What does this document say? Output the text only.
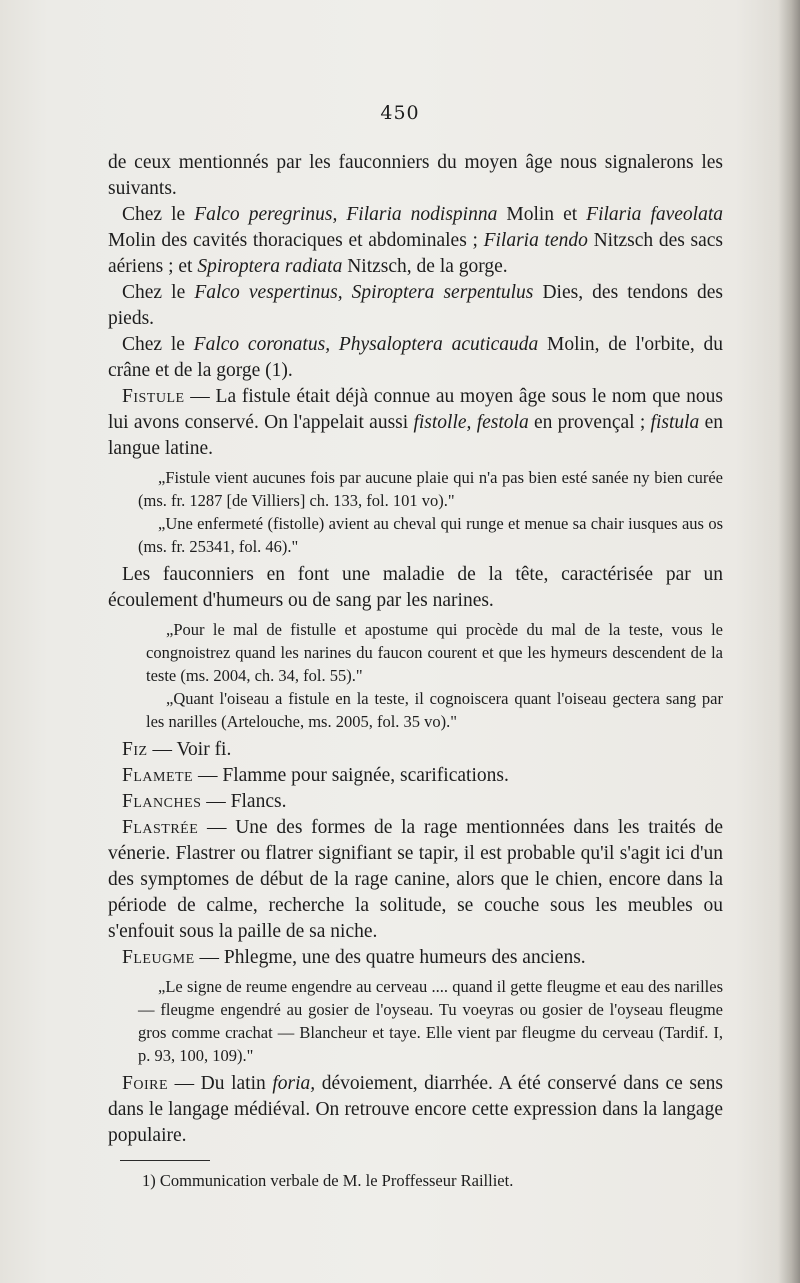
450

de ceux mentionnés par les fauconniers du moyen âge nous signalerons les suivants.

Chez le Falco peregrinus, Filaria nodispinna Molin et Filaria faveolata Molin des cavités thoraciques et abdominales ; Filaria tendo Nitzsch des sacs aériens ; et Spiroptera radiata Nitzsch, de la gorge.

Chez le Falco vespertinus, Spiroptera serpentulus Dies, des tendons des pieds.

Chez le Falco coronatus, Physaloptera acuticauda Molin, de l'orbite, du crâne et de la gorge (1).

Fistule — La fistule était déjà connue au moyen âge sous le nom que nous lui avons conservé. On l'appelait aussi fistolle, festola en provençal ; fistula en langue latine.

„Fistule vient aucunes fois par aucune plaie qui n'a pas bien esté sanée ny bien curée (ms. fr. 1287 [de Villiers] ch. 133, fol. 101 vo)."
„Une enfermeté (fistolle) avient au cheval qui runge et menue sa chair iusques aus os (ms. fr. 25341, fol. 46)."

Les fauconniers en font une maladie de la tête, caractérisée par un écoulement d'humeurs ou de sang par les narines.

„Pour le mal de fistulle et apostume qui procède du mal de la teste, vous le congnoistrez quand les narines du faucon courent et que les hymeurs descendent de la teste (ms. 2004, ch. 34, fol. 55)."
„Quant l'oiseau a fistule en la teste, il cognoiscera quant l'oiseau gectera sang par les narilles (Artelouche, ms. 2005, fol. 35 vo)."

Fiz — Voir fi.

Flamete — Flamme pour saignée, scarifications.

Flanches — Flancs.

Flastrée — Une des formes de la rage mentionnées dans les traités de vénerie. Flastrer ou flatrer signifiant se tapir, il est probable qu'il s'agit ici d'un des symptomes de début de la rage canine, alors que le chien, encore dans la période de calme, recherche la solitude, se couche sous les meubles ou s'enfouit sous la paille de sa niche.

Fleugme — Phlegme, une des quatre humeurs des anciens.

„Le signe de reume engendre au cerveau .... quand il gette fleugme et eau des narilles — fleugme engendré au gosier de l'oyseau. Tu voeyras ou gosier de l'oyseau fleugme gros comme crachat — Blancheur et taye. Elle vient par fleugme du cerveau (Tardif. I, p. 93, 100, 109)."

Foire — Du latin foria, dévoiement, diarrhée. A été conservé dans ce sens dans le langage médiéval. On retrouve encore cette expression dans la langage populaire.

1) Communication verbale de M. le Proffesseur Railliet.
